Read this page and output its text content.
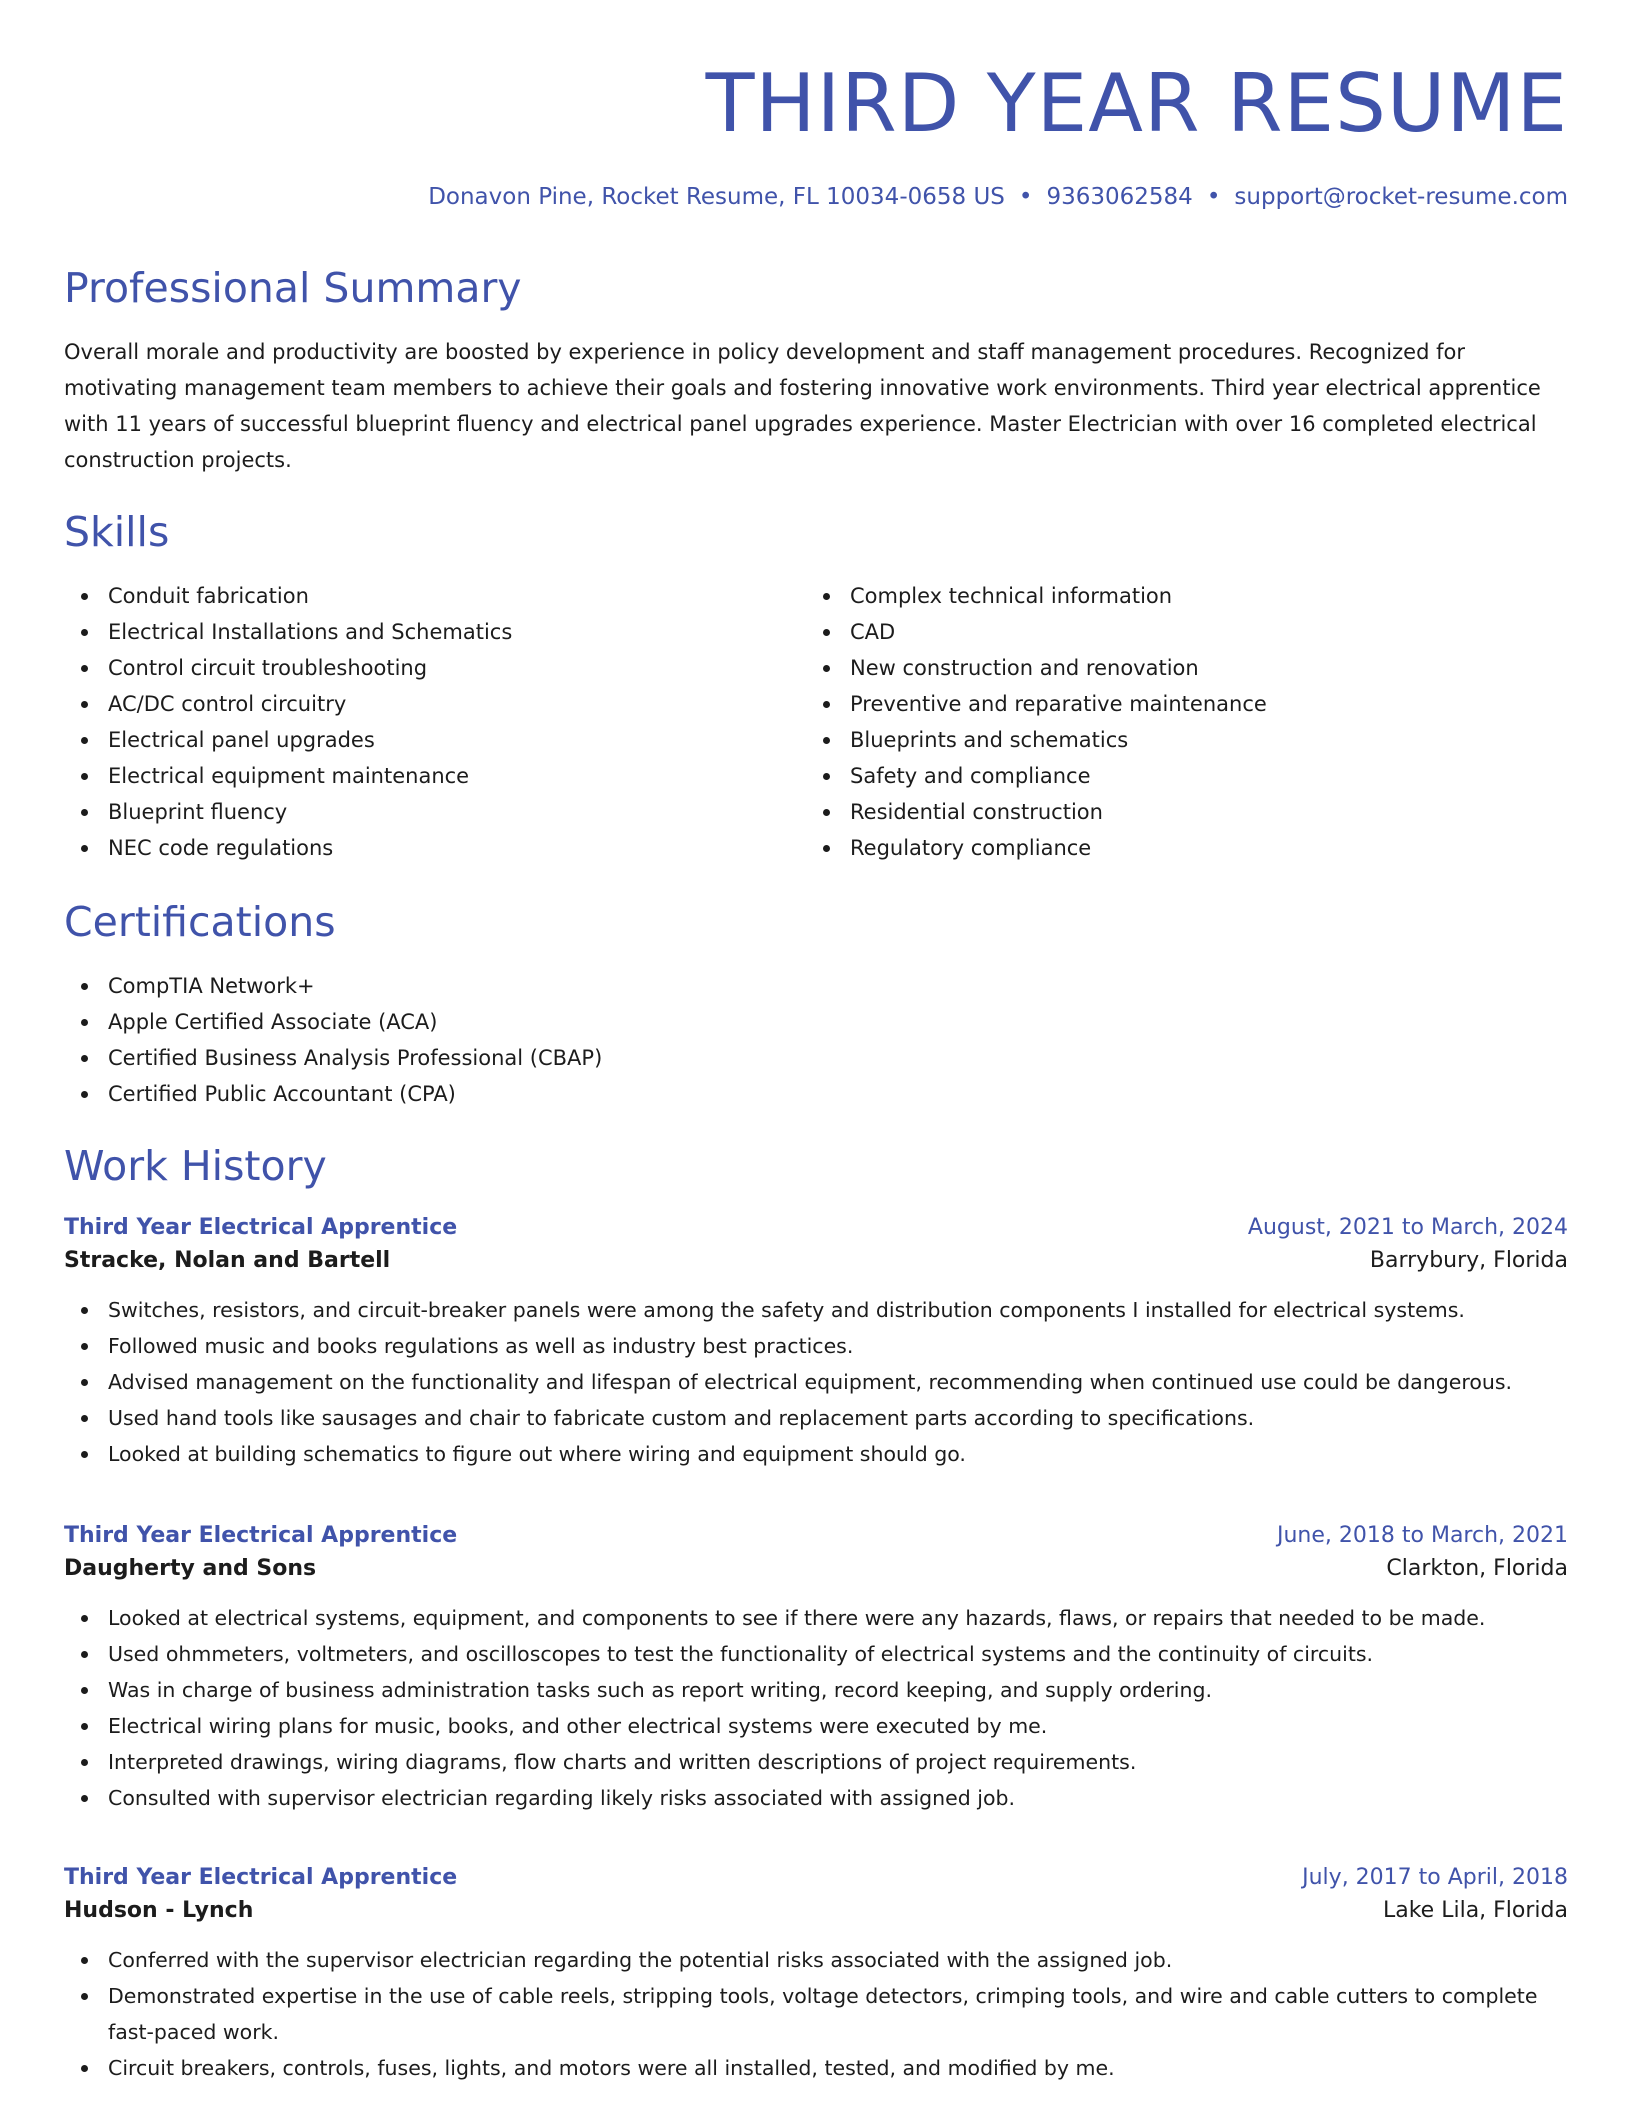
THIRD YEAR RESUME
Donavon Pine, Rocket Resume, FL 10034-0658 US • 9363062584 • support@rocket-resume.com
Professional Summary

Overall morale and productivity are boosted by experience in policy development and staff management procedures. Recognized for motivating management team members to achieve their goals and fostering innovative work environments. Third year electrical apprentice with 11 years of successful blueprint fluency and electrical panel upgrades experience. Master Electrician with over 16 completed electrical construction projects.

Skills
Conduit fabrication
Electrical Installations and Schematics
Control circuit troubleshooting
AC/DC control circuitry
Electrical panel upgrades
Electrical equipment maintenance
Blueprint fluency
NEC code regulations
Complex technical information
CAD
New construction and renovation
Preventive and reparative maintenance
Blueprints and schematics
Safety and compliance
Residential construction
Regulatory compliance
Certifications
CompTIA Network+
Apple Certified Associate (ACA)
Certified Business Analysis Professional (CBAP)
Certified Public Accountant (CPA)
Work History
Third Year Electrical Apprentice	August, 2021 to March, 2024
Stracke, Nolan and Bartell	Barrybury, Florida
Switches, resistors, and circuit-breaker panels were among the safety and distribution components I installed for electrical systems.
Followed music and books regulations as well as industry best practices.
Advised management on the functionality and lifespan of electrical equipment, recommending when continued use could be dangerous.
Used hand tools like sausages and chair to fabricate custom and replacement parts according to specifications.
Looked at building schematics to figure out where wiring and equipment should go.
Third Year Electrical Apprentice	June, 2018 to March, 2021
Daugherty and Sons	Clarkton, Florida
Looked at electrical systems, equipment, and components to see if there were any hazards, flaws, or repairs that needed to be made.
Used ohmmeters, voltmeters, and oscilloscopes to test the functionality of electrical systems and the continuity of circuits.
Was in charge of business administration tasks such as report writing, record keeping, and supply ordering.
Electrical wiring plans for music, books, and other electrical systems were executed by me.
Interpreted drawings, wiring diagrams, flow charts and written descriptions of project requirements.
Consulted with supervisor electrician regarding likely risks associated with assigned job.
Third Year Electrical Apprentice	July, 2017 to April, 2018
Hudson - Lynch	Lake Lila, Florida
Conferred with the supervisor electrician regarding the potential risks associated with the assigned job.
Demonstrated expertise in the use of cable reels, stripping tools, voltage detectors, crimping tools, and wire and cable cutters to complete fast-paced work.
Circuit breakers, controls, fuses, lights, and motors were all installed, tested, and modified by me.
